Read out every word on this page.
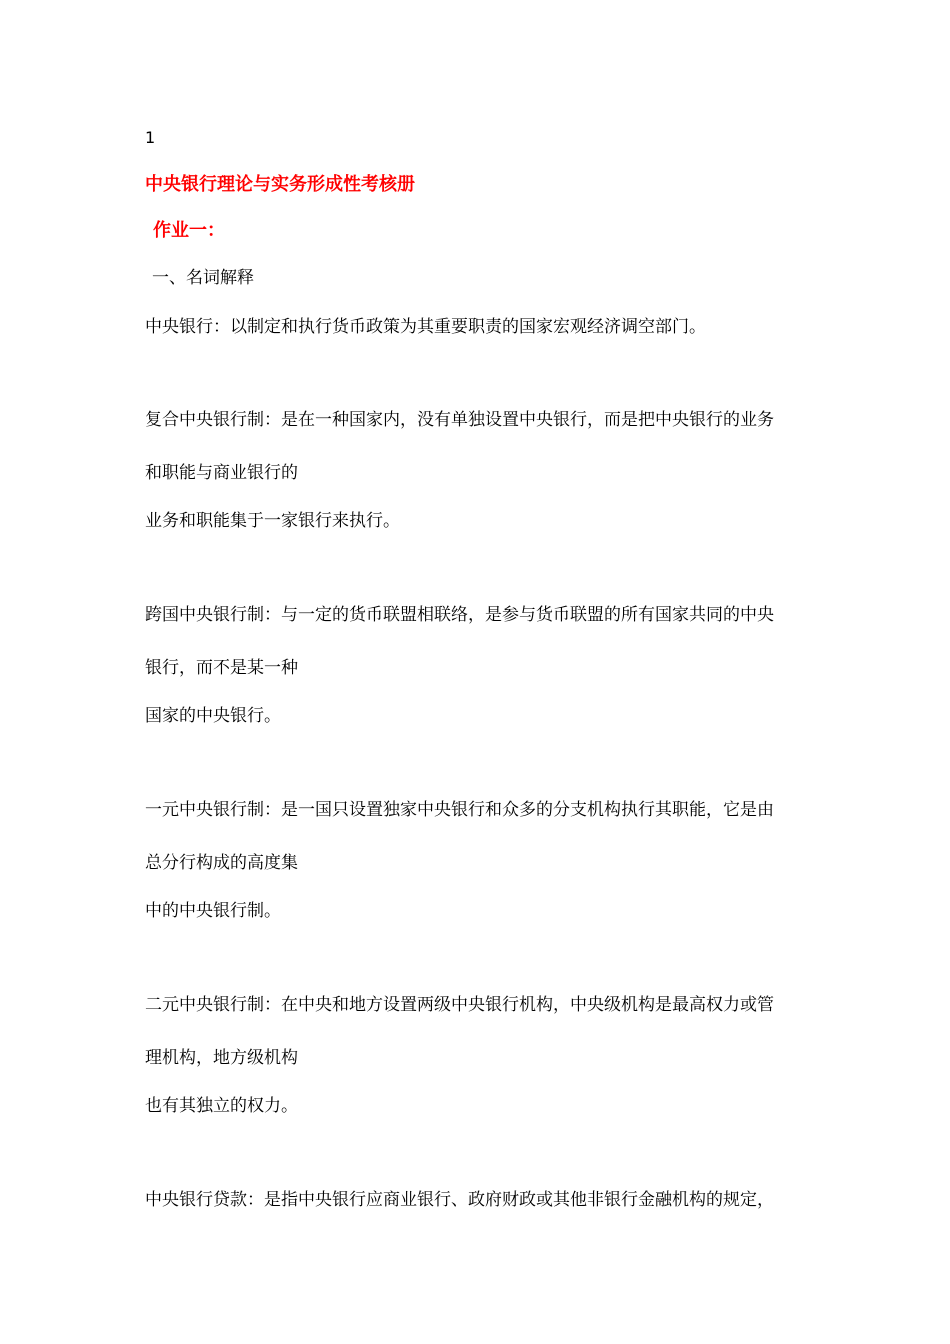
1
中央银行理论与实务形成性考核册
作业一：
一、名词解释
中央银行：以制定和执行货币政策为其重要职责的国家宏观经济调空部门。
复合中央银行制：是在一种国家内，没有单独设置中央银行，而是把中央银行的业务
和职能与商业银行的
业务和职能集于一家银行来执行。
跨国中央银行制：与一定的货币联盟相联络，是参与货币联盟的所有国家共同的中央
银行，而不是某一种
国家的中央银行。
一元中央银行制：是一国只设置独家中央银行和众多的分支机构执行其职能，它是由
总分行构成的高度集
中的中央银行制。
二元中央银行制：在中央和地方设置两级中央银行机构，中央级机构是最高权力或管
理机构，地方级机构
也有其独立的权力。
中央银行贷款：是指中央银行应商业银行、政府财政或其他非银行金融机构的规定，
